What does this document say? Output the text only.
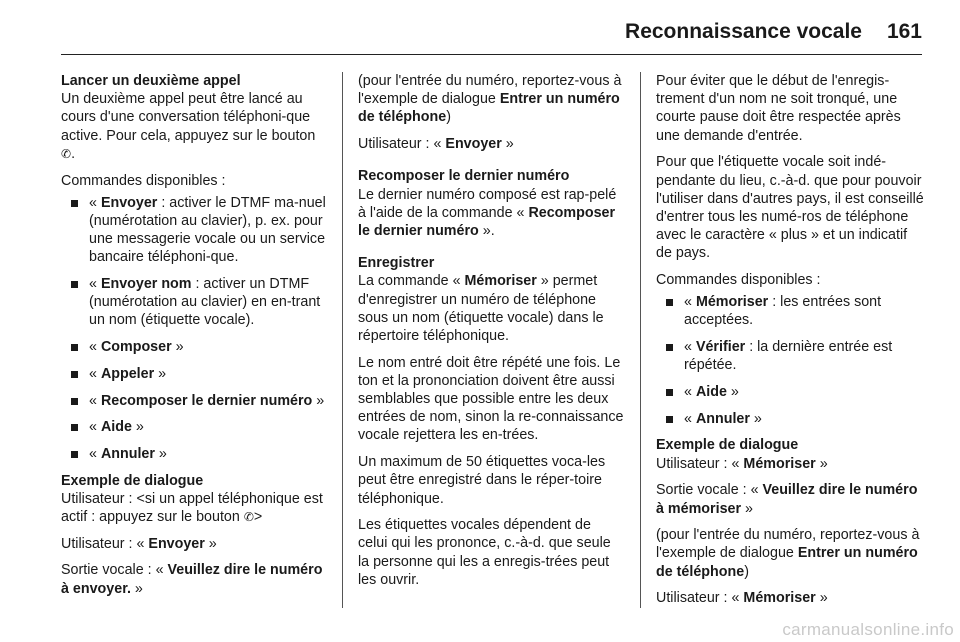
Reconnaissance vocale 161
Lancer un deuxième appel

Un deuxième appel peut être lancé au cours d'une conversation téléphoni-que active. Pour cela, appuyez sur le bouton ✆.

Commandes disponibles :

« Envoyer : activer le DTMF ma-nuel (numérotation au clavier), p. ex. pour une messagerie vocale ou un service bancaire téléphoni-que.
« Envoyer nom : activer un DTMF (numérotation au clavier) en en-trant un nom (étiquette vocale).
« Composer »
« Appeler »
« Recomposer le dernier numéro »
« Aide »
« Annuler »
Exemple de dialogue

Utilisateur : <si un appel téléphonique est actif : appuyez sur le bouton ✆>

Utilisateur : « Envoyer »

Sortie vocale : « Veuillez dire le numéro à envoyer. »

(pour l'entrée du numéro, reportez-vous à l'exemple de dialogue Entrer un numéro de téléphone)

Utilisateur : « Envoyer »

Recomposer le dernier numéro

Le dernier numéro composé est rap-pelé à l'aide de la commande « Recomposer le dernier numéro ».

Enregistrer

La commande « Mémoriser » permet d'enregistrer un numéro de téléphone sous un nom (étiquette vocale) dans le répertoire téléphonique.

Le nom entré doit être répété une fois. Le ton et la prononciation doivent être aussi semblables que possible entre les deux entrées de nom, sinon la re-connaissance vocale rejettera les en-trées.

Un maximum de 50 étiquettes voca-les peut être enregistré dans le réper-toire téléphonique.

Les étiquettes vocales dépendent de celui qui les prononce, c.-à-d. que seule la personne qui les a enregis-trées peut les ouvrir.

Pour éviter que le début de l'enregis-trement d'un nom ne soit tronqué, une courte pause doit être respectée après une demande d'entrée.

Pour que l'étiquette vocale soit indé-pendante du lieu, c.-à-d. que pour pouvoir l'utiliser dans d'autres pays, il est conseillé d'entrer tous les numé-ros de téléphone avec le caractère « plus » et un indicatif de pays.

Commandes disponibles :

« Mémoriser : les entrées sont acceptées.
« Vérifier : la dernière entrée est répétée.
« Aide »
« Annuler »
Exemple de dialogue

Utilisateur : « Mémoriser »

Sortie vocale : « Veuillez dire le numéro à mémoriser »

(pour l'entrée du numéro, reportez-vous à l'exemple de dialogue Entrer un numéro de téléphone)

Utilisateur : « Mémoriser »

carmanualsonline.info
